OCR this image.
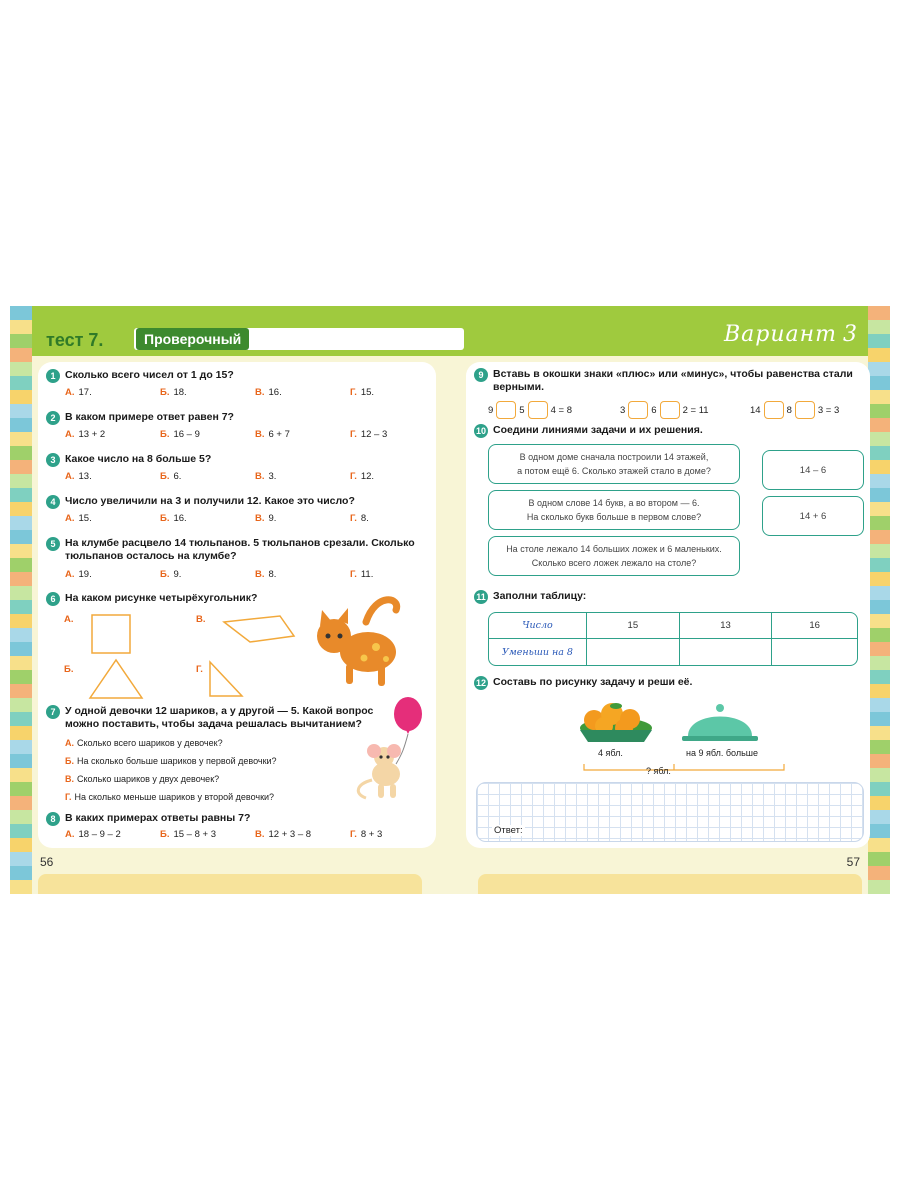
тест 7.	Проверочный	Вариант 3
1 Сколько всего чисел от 1 до 15?
А. 17.	Б. 18.	В. 16.	Г. 15.
2 В каком примере ответ равен 7?
А. 13 + 2	Б. 16 – 9	В. 6 + 7	Г. 12 – 3
3 Какое число на 8 больше 5?
А. 13.	Б. 6.	В. 3.	Г. 12.
4 Число увеличили на 3 и получили 12. Какое это число?
А. 15.	Б. 16.	В. 9.	Г. 8.
5 На клумбе расцвело 14 тюльпанов. 5 тюльпанов срезали. Сколько
тюльпанов осталось на клумбе?
А. 19.	Б. 9.	В. 8.	Г. 11.
6 На каком рисунке четырёхугольник?
А.	В.
Б.	Г.
7 У одной девочки 12 шариков, а у другой — 5. Какой вопрос
можно поставить, чтобы задача решалась вычитанием?
А. Сколько всего шариков у девочек?
Б. На сколько больше шариков у первой девочки?
В. Сколько шариков у двух девочек?
Г. На сколько меньше шариков у второй девочки?
8 В каких примерах ответы равны 7?
А. 18 – 9 – 2	Б. 15 – 8 + 3	В. 12 + 3 – 8	Г. 8 + 3
9 Вставь в окошки знаки «плюс» или «минус», чтобы равенства стали
верными.
9	5	4 = 8	3	6	2 = 11	14	8	3 = 3
10 Соедини линиями задачи и их решения.
В одном доме сначала построили 14 этажей,
а потом ещё 6. Сколько этажей стало в доме?
В одном слове 14 букв, а во втором — 6.
На сколько букв больше в первом слове?
На столе лежало 14 больших ложек и 6 маленьких.
Сколько всего ложек лежало на столе?
14 – 6
14 + 6
11 Заполни таблицу:
Число	15	13	16
Уменьши на 8			
12 Составь по рисунку задачу и реши её.
4 ябл.	на 9 ябл. больше
? ябл.
Ответ:
56	57
